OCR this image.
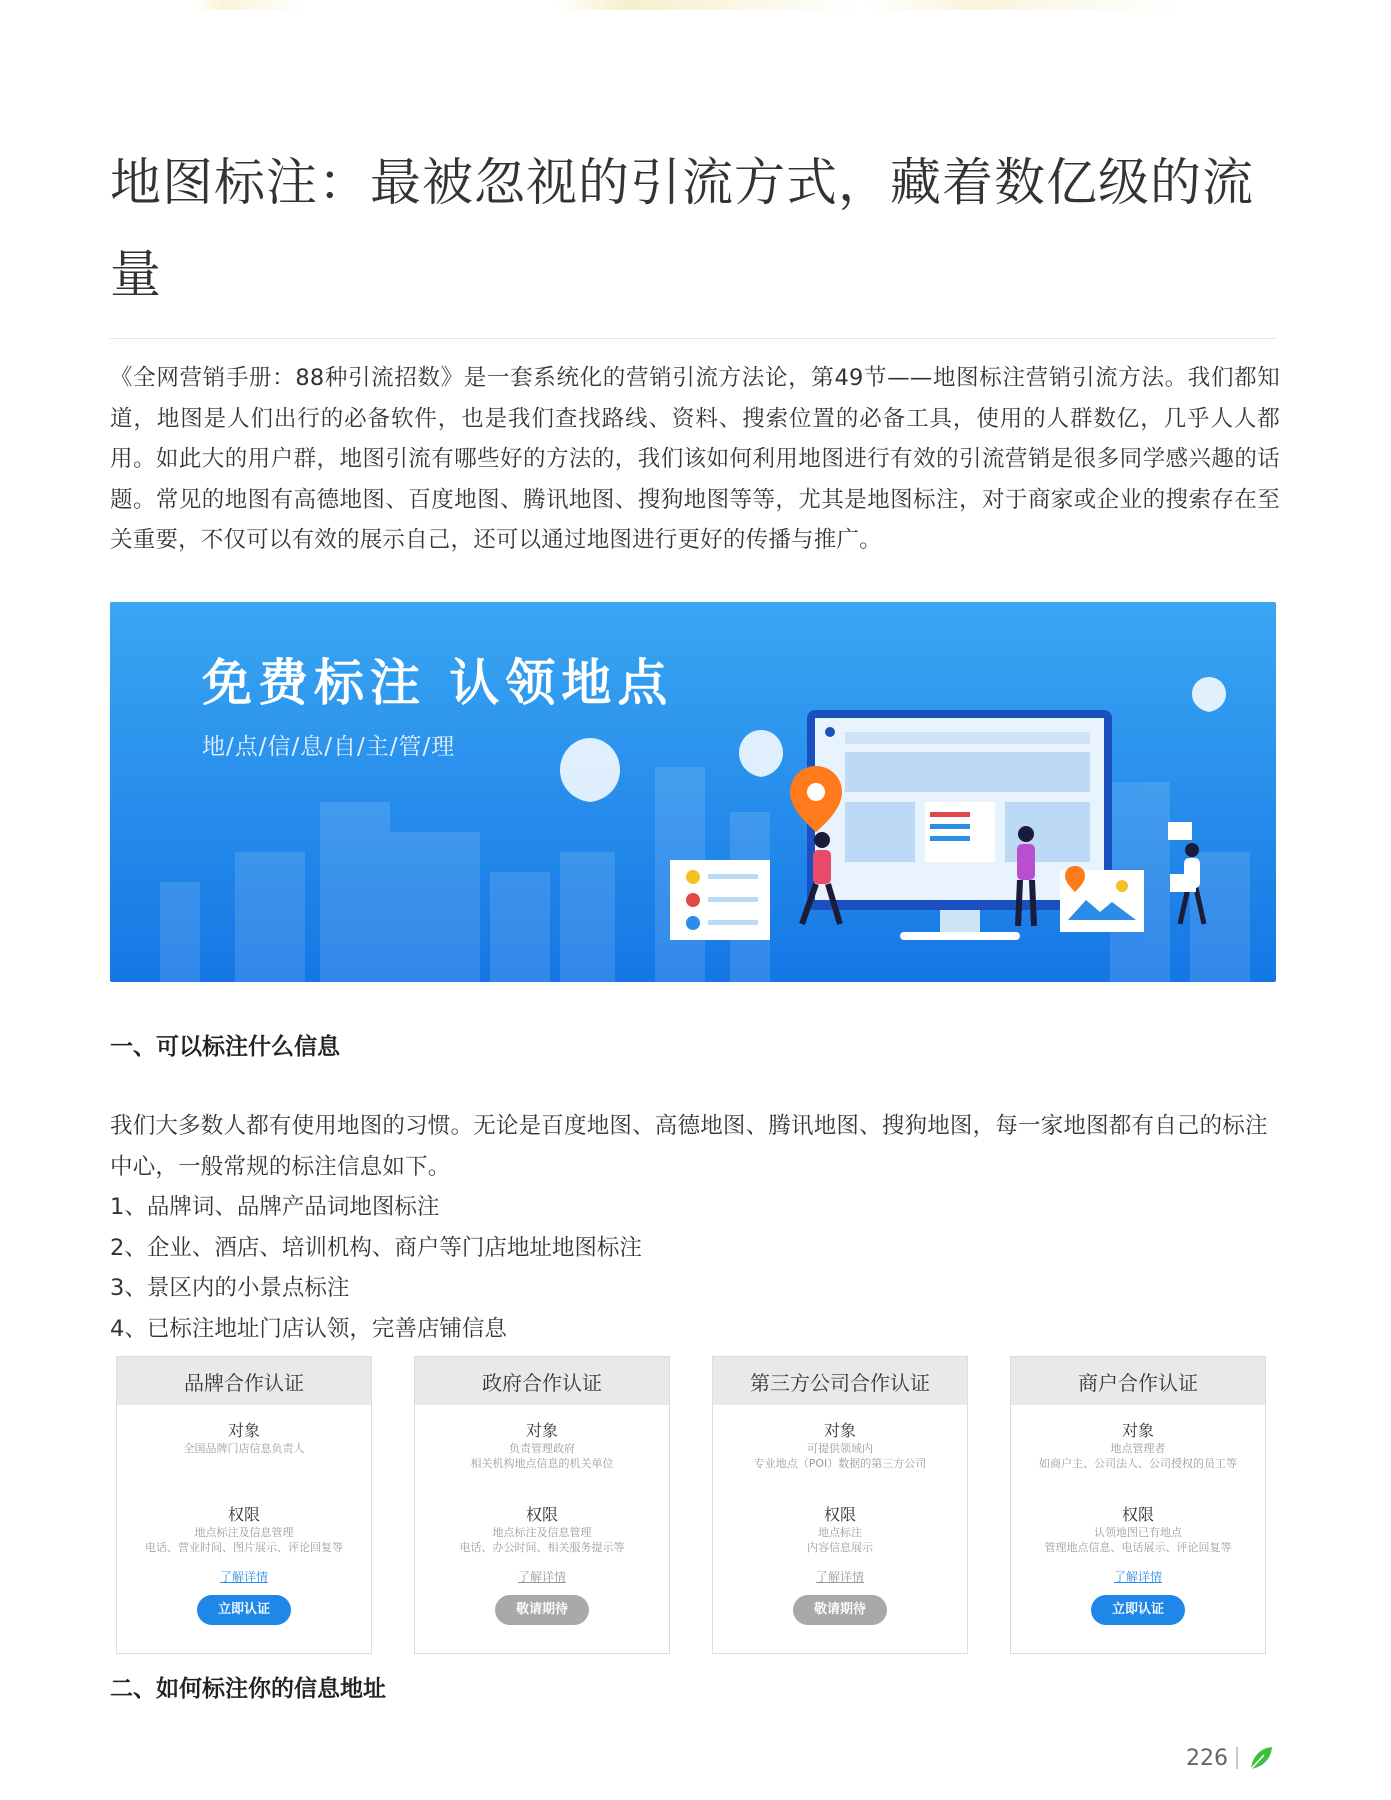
地图标注：最被忽视的引流方式，藏着数亿级的流量

《全网营销手册：88种引流招数》是一套系统化的营销引流方法论，第49节——地图标注营销引流方法。我们都知道，地图是人们出行的必备软件，也是我们查找路线、资料、搜索位置的必备工具，使用的人群数亿，几乎人人都用。如此大的用户群，地图引流有哪些好的方法的，我们该如何利用地图进行有效的引流营销是很多同学感兴趣的话题。常见的地图有高德地图、百度地图、腾讯地图、搜狗地图等等，尤其是地图标注，对于商家或企业的搜索存在至关重要，不仅可以有效的展示自己，还可以通过地图进行更好的传播与推广。

免费标注 认领地点
地/点/信/息/自/主/管/理
一、可以标注什么信息

我们大多数人都有使用地图的习惯。无论是百度地图、高德地图、腾讯地图、搜狗地图，每一家地图都有自己的标注中心，一般常规的标注信息如下。

1、品牌词、品牌产品词地图标注
2、企业、酒店、培训机构、商户等门店地址地图标注
3、景区内的小景点标注
4、已标注地址门店认领，完善店铺信息
品牌合作认证
对象
全国品牌门店信息负责人
权限
地点标注及信息管理
电话、营业时间、图片展示、评论回复等
了解详情
立即认证
政府合作认证
对象
负责管理政府
相关机构地点信息的机关单位
权限
地点标注及信息管理
电话、办公时间、相关服务提示等
了解详情
敬请期待
第三方公司合作认证
对象
可提供领域内
专业地点（POI）数据的第三方公司
权限
地点标注
内容信息展示
了解详情
敬请期待
商户合作认证
对象
地点管理者
如商户主、公司法人、公司授权的员工等
权限
认领地图已有地点
管理地点信息、电话展示、评论回复等
了解详情
立即认证
二、如何标注你的信息地址
226
